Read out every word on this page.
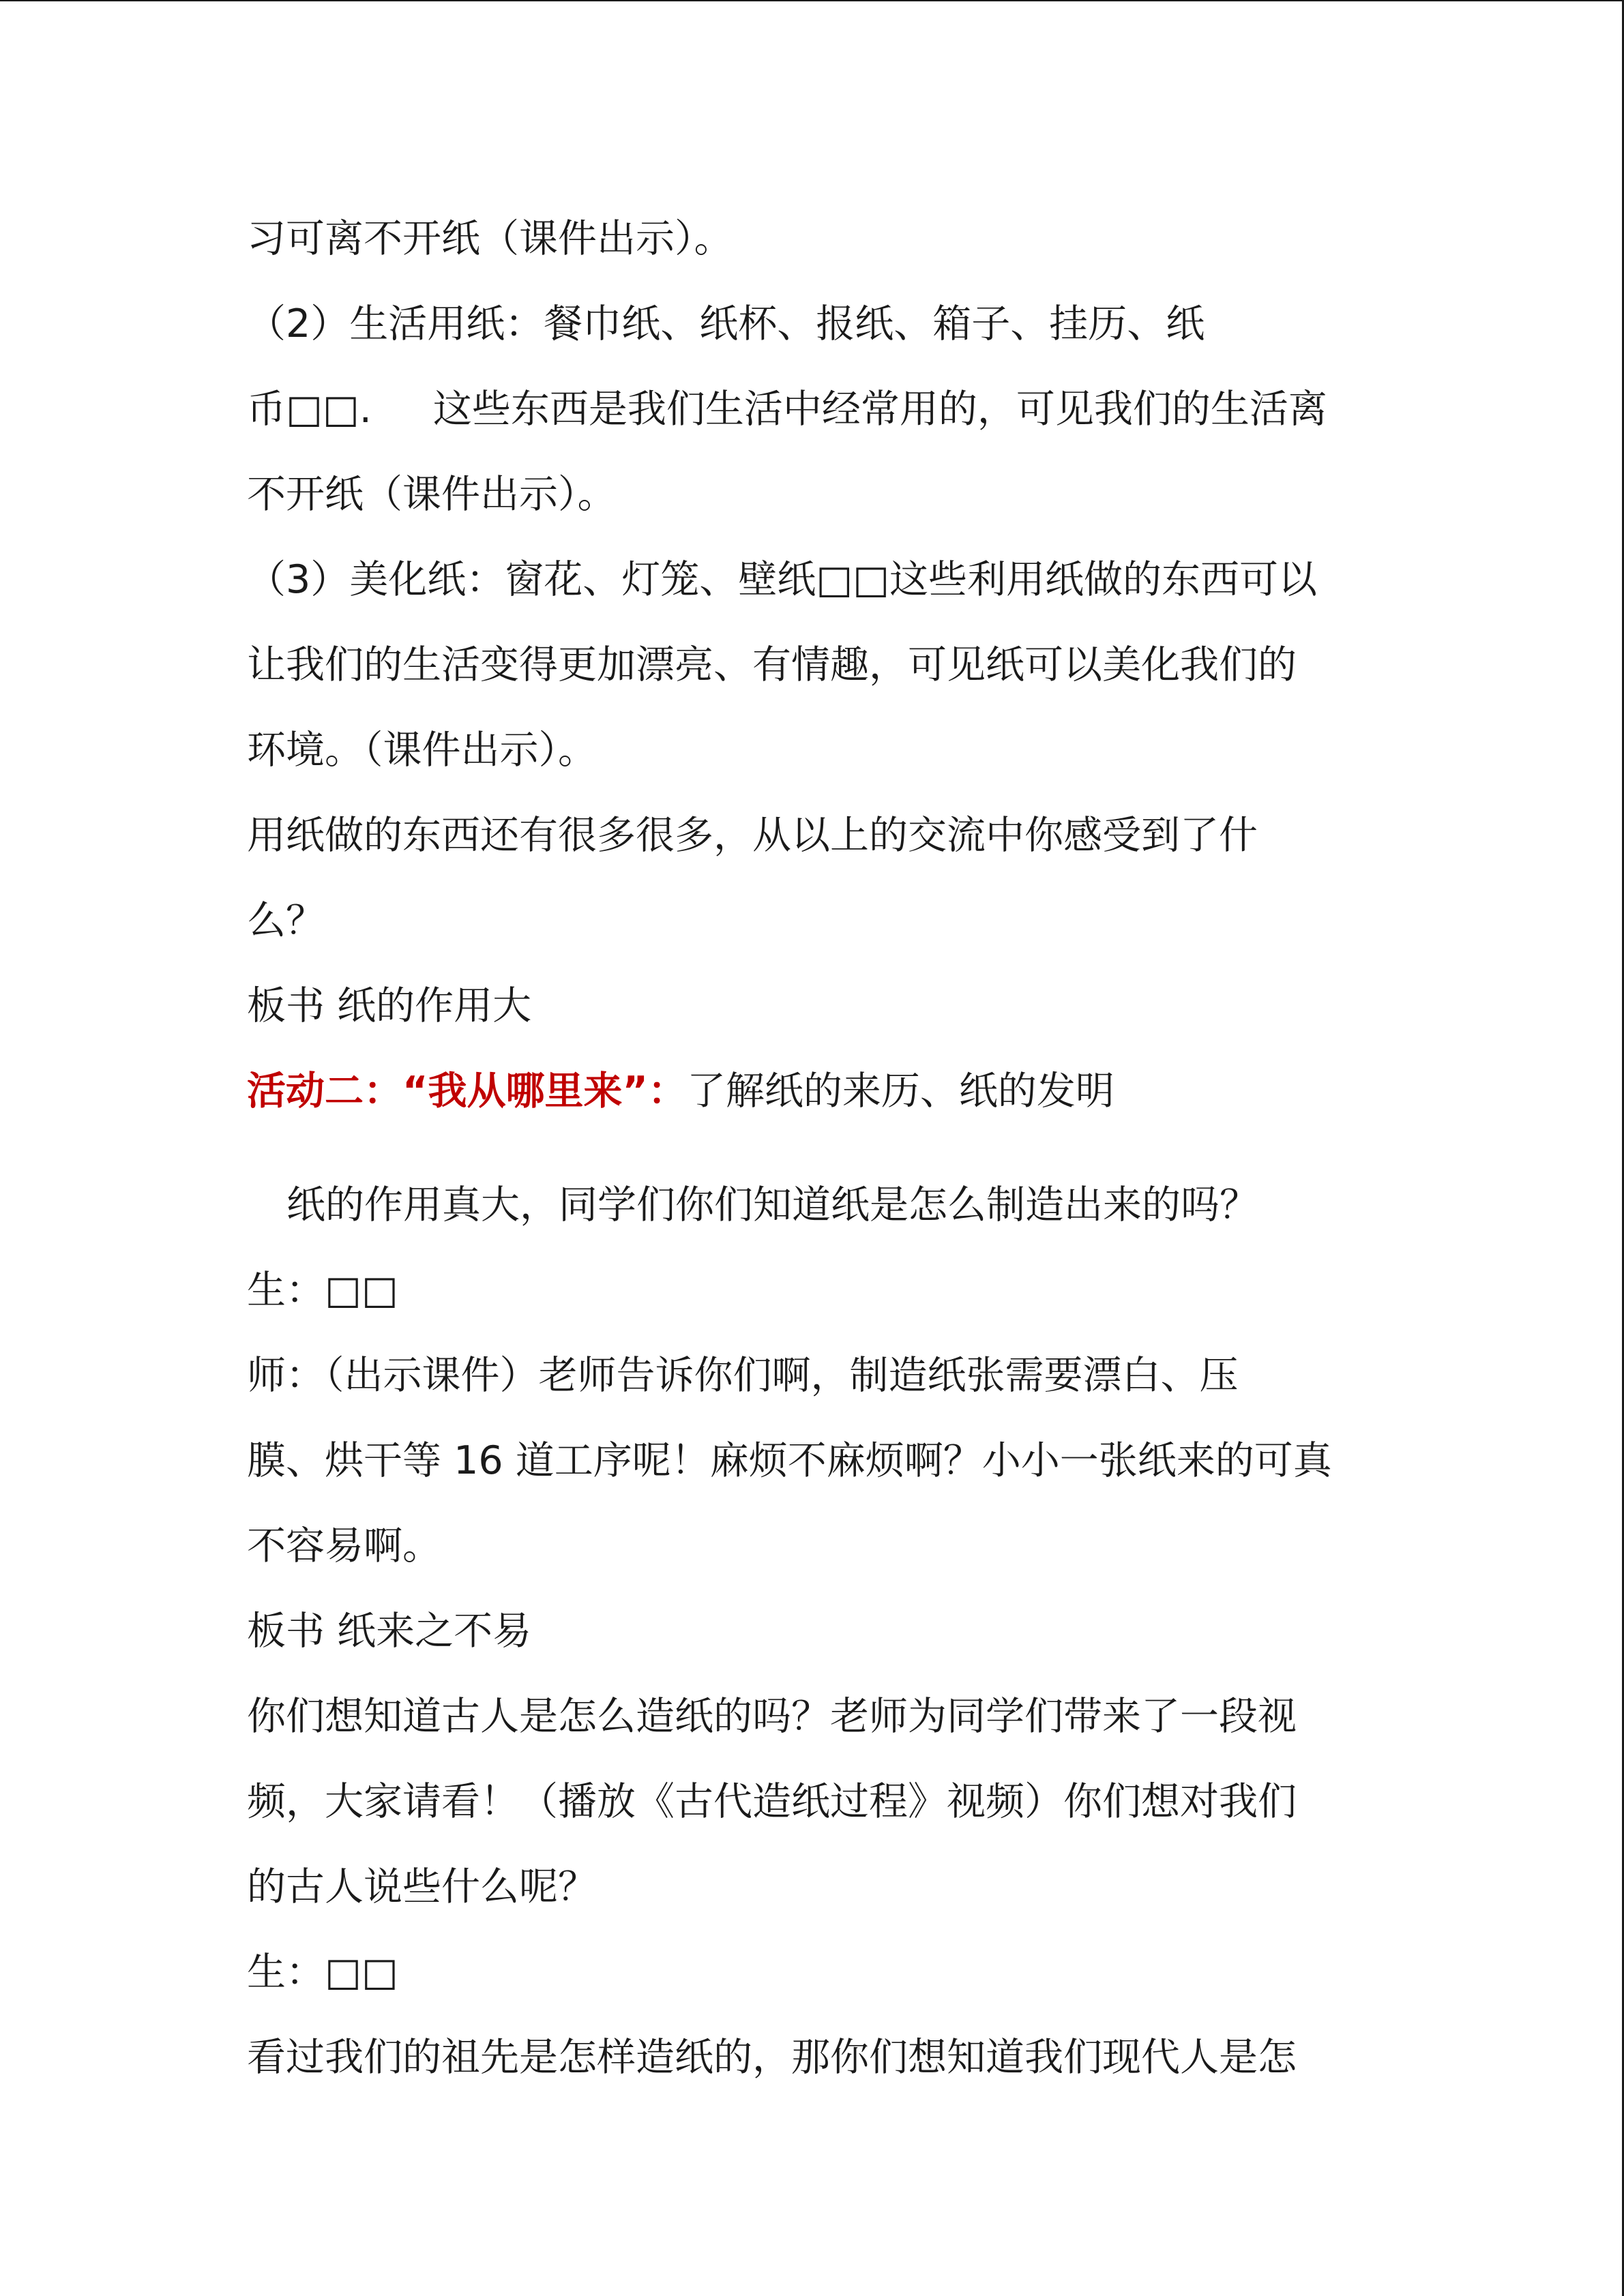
习可离不开纸（课件出示）。
（2）生活用纸：餐巾纸、纸杯、报纸、箱子、挂历、纸
币□□. 这些东西是我们生活中经常用的，可见我们的生活离
不开纸（课件出示）。
（3）美化纸：窗花、灯笼、壁纸□□这些利用纸做的东西可以
让我们的生活变得更加漂亮、有情趣，可见纸可以美化我们的
环境。（课件出示）。
用纸做的东西还有很多很多，从以上的交流中你感受到了什
么？
板书 纸的作用大
活动二：“我从哪里来”：了解纸的来历、纸的发明
纸的作用真大，同学们你们知道纸是怎么制造出来的吗？
生：□□
师：（出示课件）老师告诉你们啊，制造纸张需要漂白、压
膜、烘干等 16 道工序呢！麻烦不麻烦啊？小小一张纸来的可真
不容易啊。
板书 纸来之不易
你们想知道古人是怎么造纸的吗？老师为同学们带来了一段视
频，大家请看！（播放《古代造纸过程》视频）你们想对我们
的古人说些什么呢？
生：□□
看过我们的祖先是怎样造纸的，那你们想知道我们现代人是怎
